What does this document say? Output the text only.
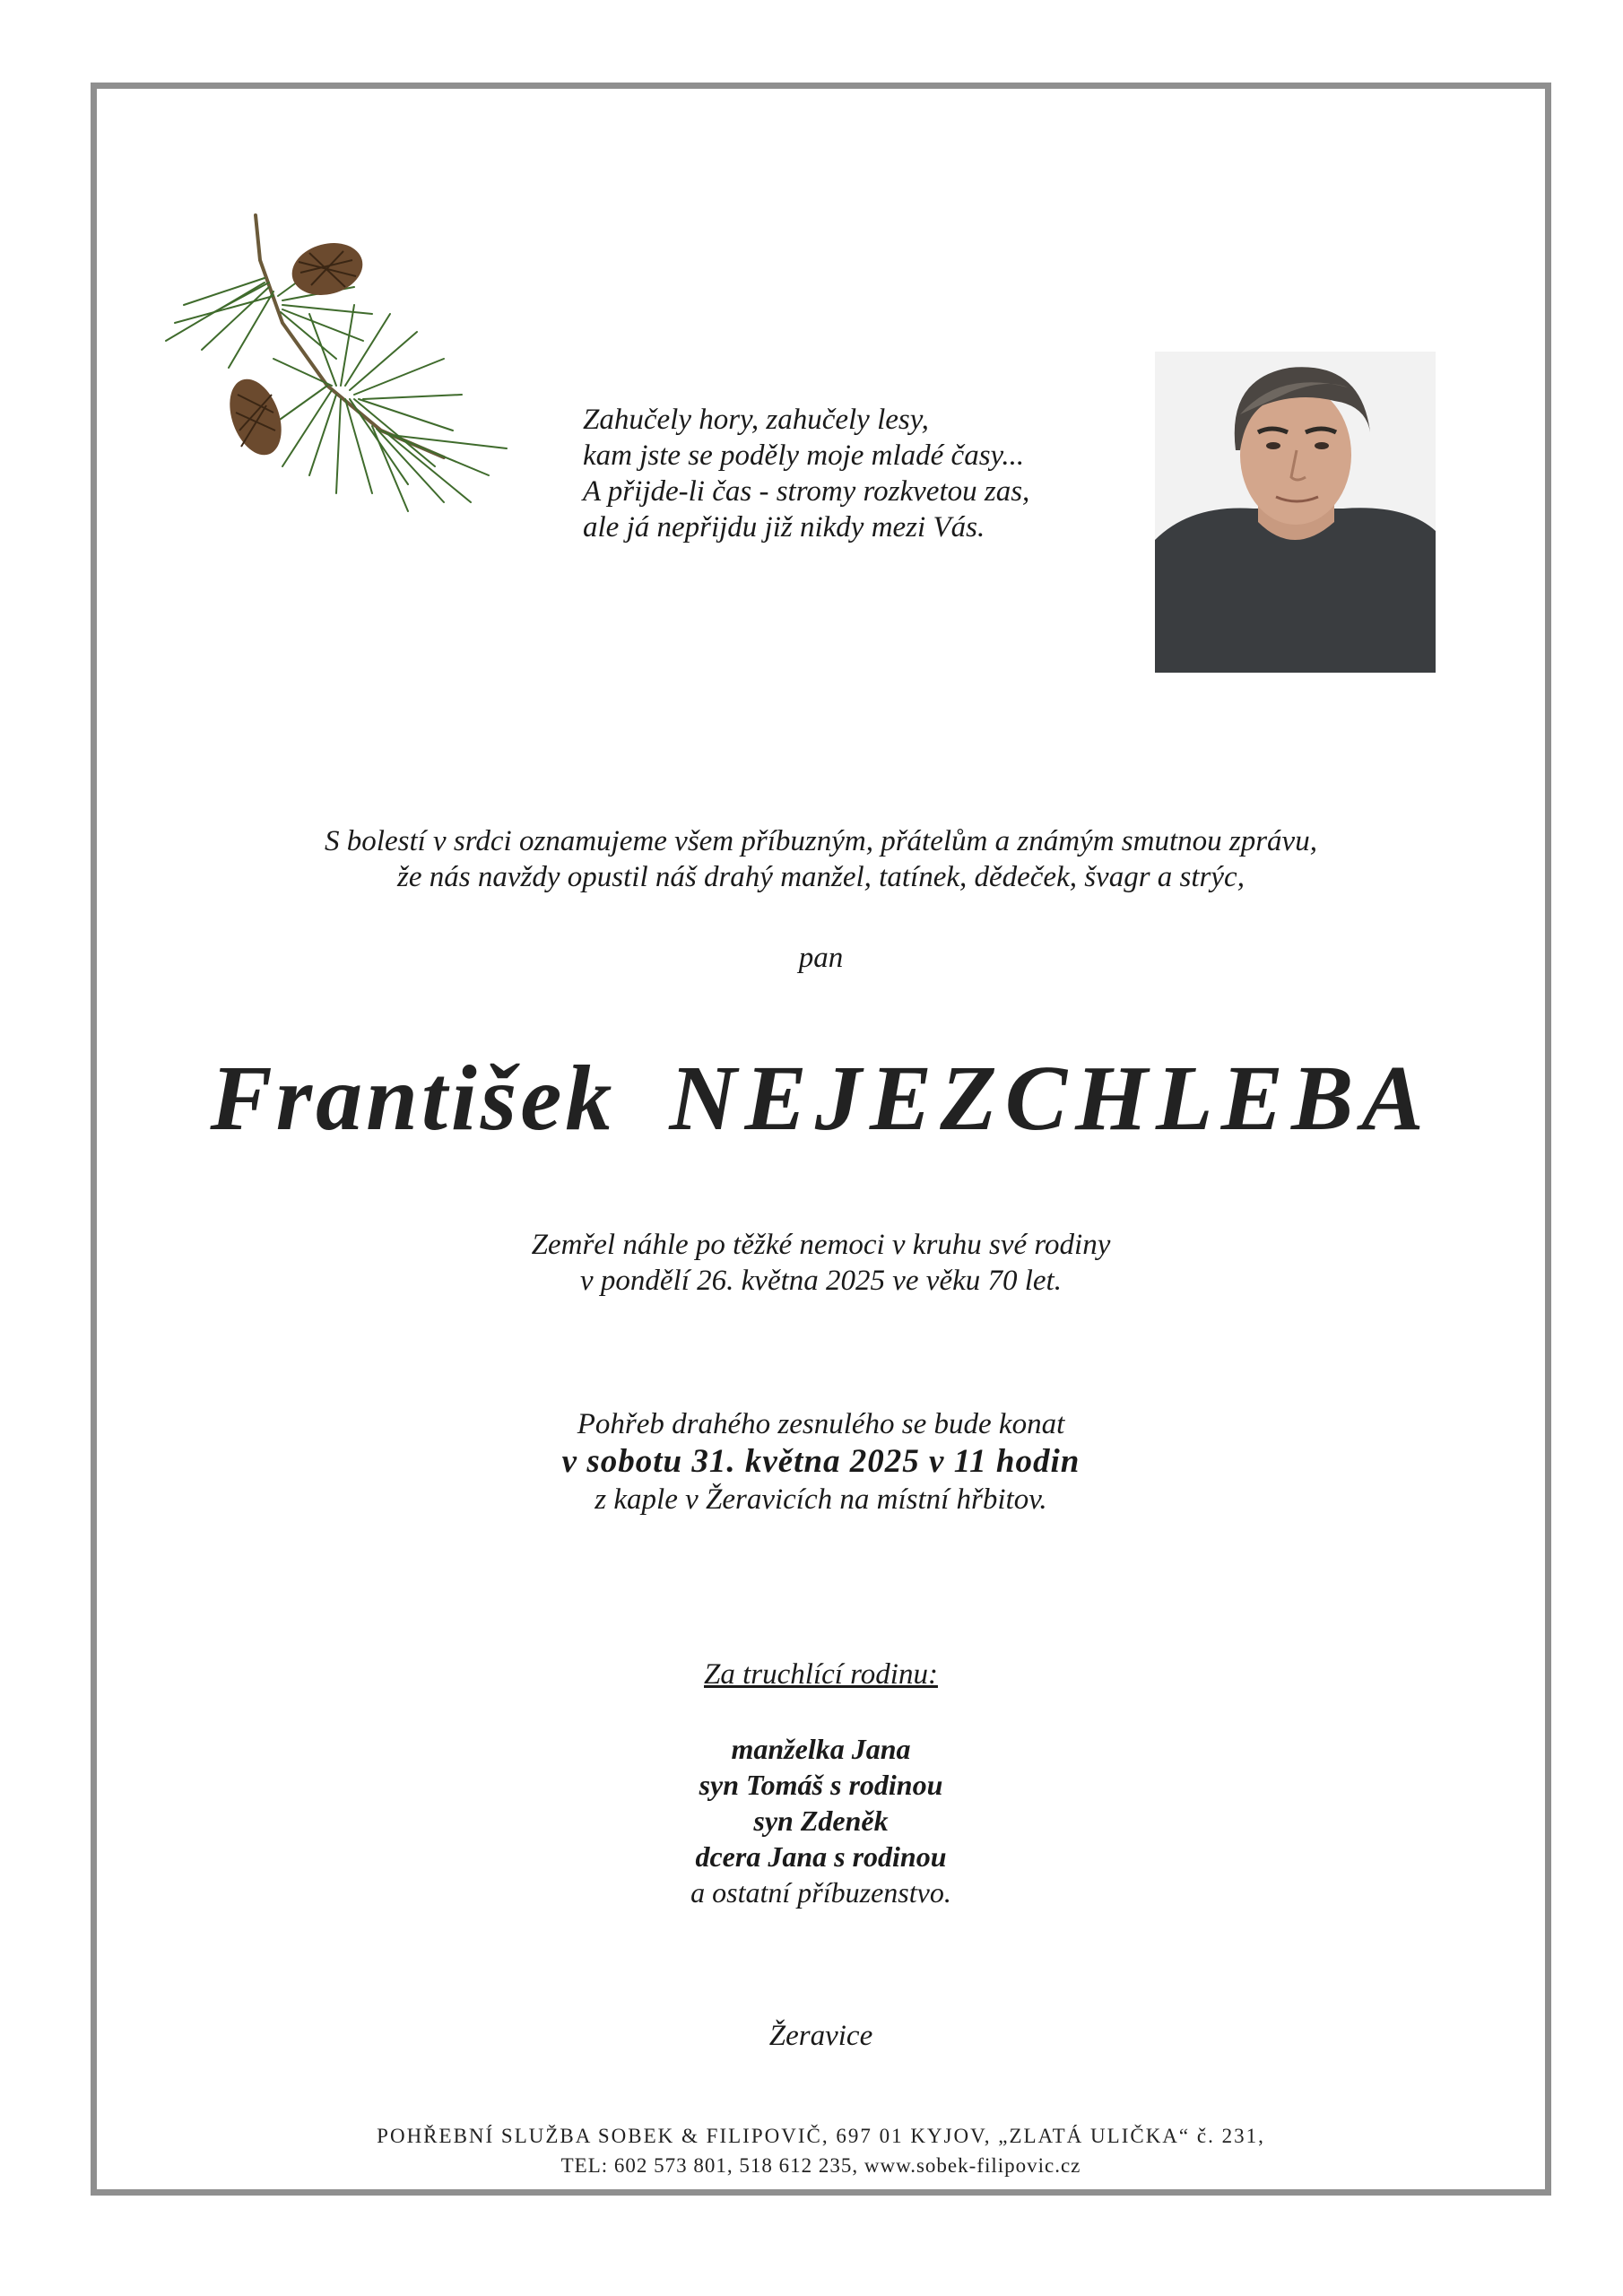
Zahučely hory, zahučely lesy,
kam jste se poděly moje mladé časy...
A přijde-li čas - stromy rozkvetou zas,
ale já nepřijdu již nikdy mezi Vás.
S bolestí v srdci oznamujeme všem příbuzným, přátelům a známým smutnou zprávu,
že nás navždy opustil náš drahý manžel, tatínek, dědeček, švagr a strýc,
pan
František NEJEZCHLEBA
Zemřel náhle po těžké nemoci v kruhu své rodiny
v pondělí 26. května 2025 ve věku 70 let.
Pohřeb drahého zesnulého se bude konat
v sobotu 31. května 2025 v 11 hodin
z kaple v Žeravicích na místní hřbitov.
Za truchlící rodinu:
manželka Jana
syn Tomáš s rodinou
syn Zdeněk
dcera Jana s rodinou
a ostatní příbuzenstvo.
Žeravice
POHŘEBNÍ SLUŽBA SOBEK & FILIPOVIČ, 697 01 KYJOV, „ZLATÁ ULIČKA“ č. 231,
TEL: 602 573 801, 518 612 235, www.sobek-filipovic.cz
